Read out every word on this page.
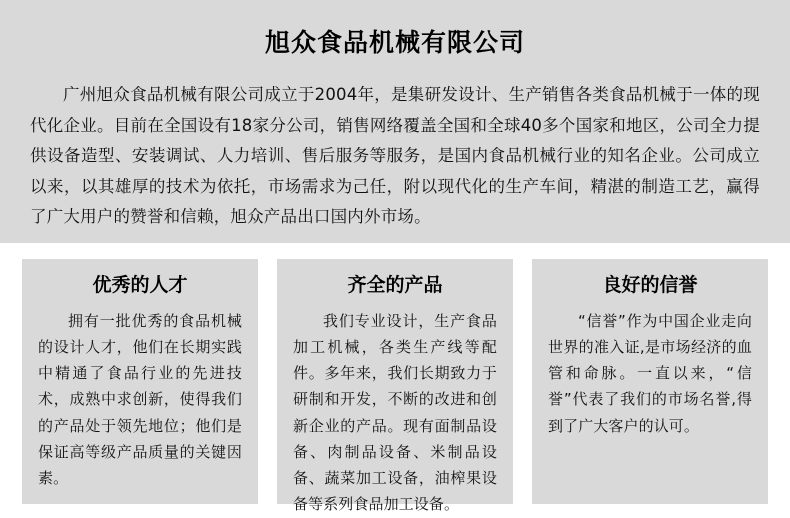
旭众食品机械有限公司

广州旭众食品机械有限公司成立于2004年，是集研发设计、生产销售各类食品机械于一体的现代化企业。目前在全国设有18家分公司，销售网络覆盖全国和全球40多个国家和地区，公司全力提供设备造型、安装调试、人力培训、售后服务等服务，是国内食品机械行业的知名企业。公司成立以来，以其雄厚的技术为依托，市场需求为己任，附以现代化的生产车间，精湛的制造工艺，赢得了广大用户的赞誉和信赖，旭众产品出口国内外市场。

优秀的人才

拥有一批优秀的食品机械的设计人才，他们在长期实践中精通了食品行业的先进技术，成熟中求创新，使得我们的产品处于领先地位；他们是保证高等级产品质量的关键因素。

齐全的产品

我们专业设计，生产食品加工机械，各类生产线等配件。多年来，我们长期致力于研制和开发，不断的改进和创新企业的产品。现有面制品设备、肉制品设备、米制品设备、蔬菜加工设备，油榨果设备等系列食品加工设备。

良好的信誉

“信誉”作为中国企业走向世界的准入证,是市场经济的血管和命脉。一直以来，“信誉”代表了我们的市场名誉,得到了广大客户的认可。
